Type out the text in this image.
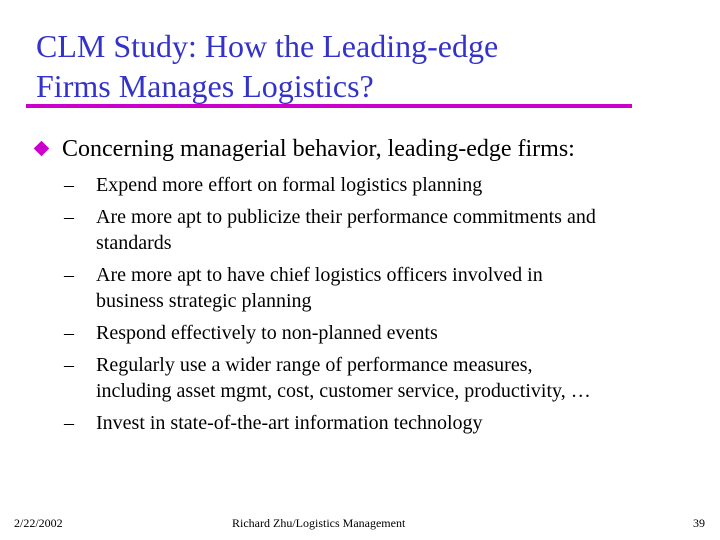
CLM Study: How the Leading-edge
Firms Manages Logistics?
Concerning managerial behavior, leading-edge firms:
– Expend more effort on formal logistics planning
– Are more apt to publicize their performance commitments and
standards
– Are more apt to have chief logistics officers involved in
business strategic planning
– Respond effectively to non-planned events
– Regularly use a wider range of performance measures,
including asset mgmt, cost, customer service, productivity, …
– Invest in state-of-the-art information technology
2/22/2002	Richard Zhu/Logistics Management	39
